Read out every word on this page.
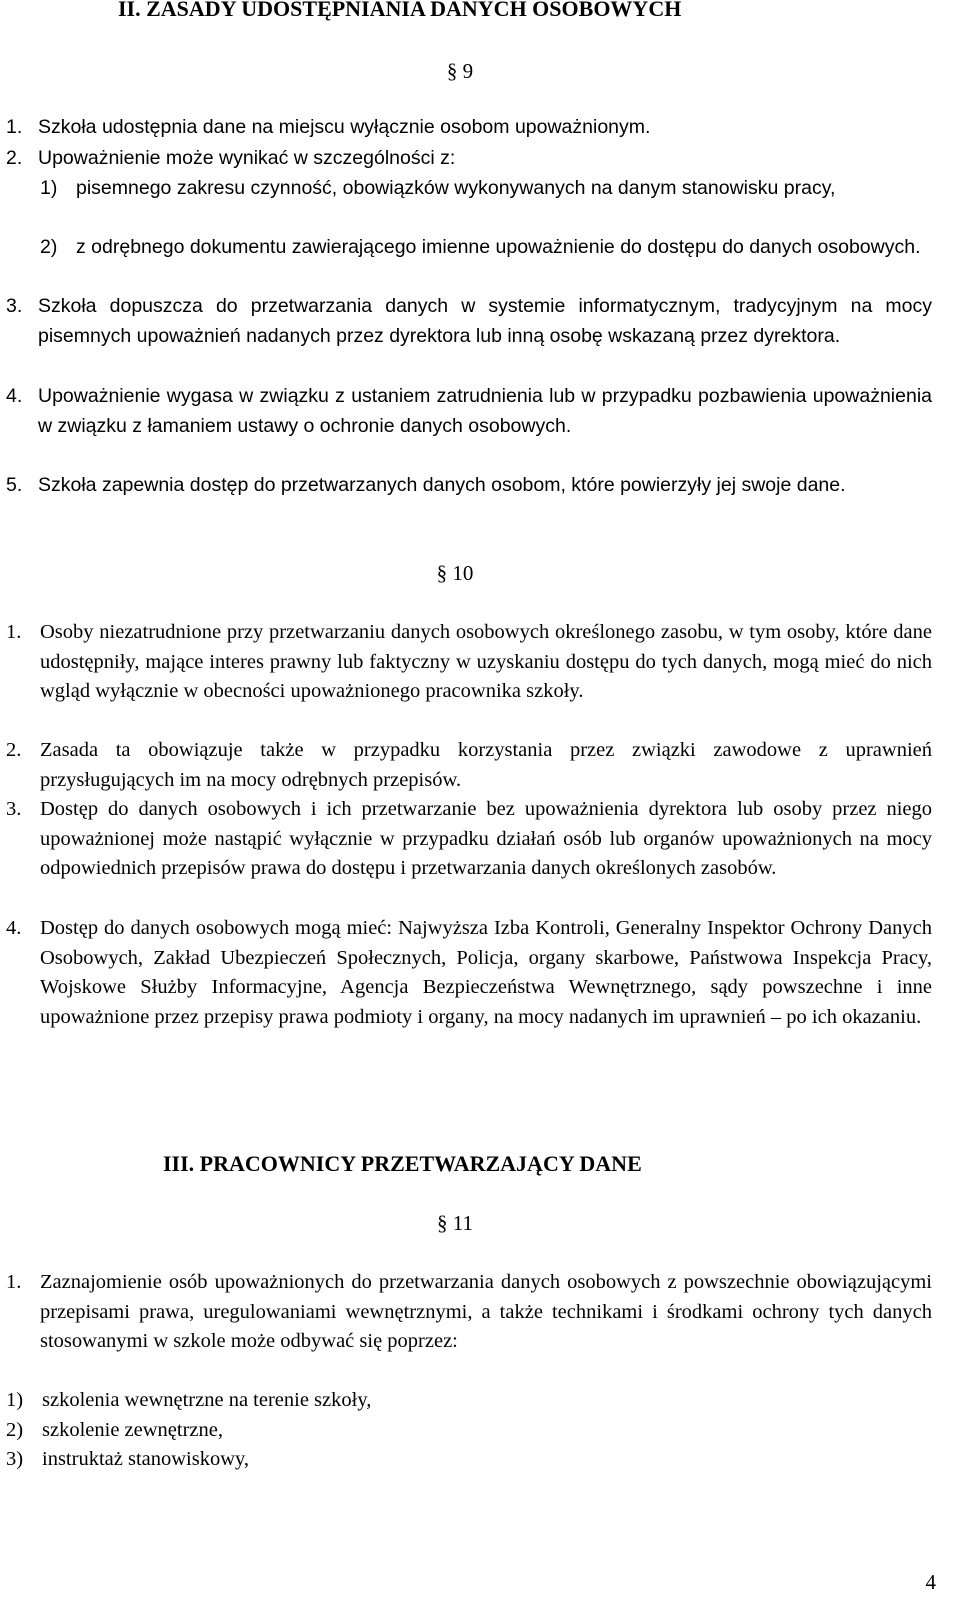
II. ZASADY UDOSTĘPNIANIA DANYCH OSOBOWYCH
§ 9
1. Szkoła udostępnia dane na miejscu wyłącznie osobom upoważnionym.
2. Upoważnienie może wynikać w szczególności z:
1) pisemnego zakresu czynność, obowiązków wykonywanych na danym stanowisku pracy,
2) z odrębnego dokumentu zawierającego imienne upoważnienie do dostępu do danych osobowych.
3. Szkoła dopuszcza do przetwarzania danych w systemie informatycznym, tradycyjnym na mocy pisemnych upoważnień nadanych przez dyrektora lub inną osobę wskazaną przez dyrektora.
4. Upoważnienie wygasa w związku z ustaniem zatrudnienia lub w przypadku pozbawienia upoważnienia w związku z łamaniem ustawy o ochronie danych osobowych.
5. Szkoła zapewnia dostęp do przetwarzanych danych osobom, które powierzyły jej swoje dane.
§ 10
1. Osoby niezatrudnione przy przetwarzaniu danych osobowych określonego zasobu, w tym osoby, które dane udostępniły, mające interes prawny lub faktyczny w uzyskaniu dostępu do tych danych, mogą mieć do nich wgląd wyłącznie w obecności upoważnionego pracownika szkoły.
2. Zasada ta obowiązuje także w przypadku korzystania przez związki zawodowe z uprawnień przysługujących im na mocy odrębnych przepisów.
3. Dostęp do danych osobowych i ich przetwarzanie bez upoważnienia dyrektora lub osoby przez niego upoważnionej może nastąpić wyłącznie w przypadku działań osób lub organów upoważnionych na mocy odpowiednich przepisów prawa do dostępu i przetwarzania danych określonych zasobów.
4. Dostęp do danych osobowych mogą mieć: Najwyższa Izba Kontroli, Generalny Inspektor Ochrony Danych Osobowych, Zakład Ubezpieczeń Społecznych, Policja, organy skarbowe, Państwowa Inspekcja Pracy, Wojskowe Służby Informacyjne, Agencja Bezpieczeństwa Wewnętrznego, sądy powszechne i inne upoważnione przez przepisy prawa podmioty i organy, na mocy nadanych im uprawnień – po ich okazaniu.
III. PRACOWNICY PRZETWARZAJĄCY DANE
§ 11
1. Zaznajomienie osób upoważnionych do przetwarzania danych osobowych z powszechnie obowiązującymi przepisami prawa, uregulowaniami wewnętrznymi, a także technikami i środkami ochrony tych danych stosowanymi w szkole może odbywać się poprzez:
1) szkolenia wewnętrzne na terenie szkoły,
2) szkolenie zewnętrzne,
3) instruktaż stanowiskowy,
4
